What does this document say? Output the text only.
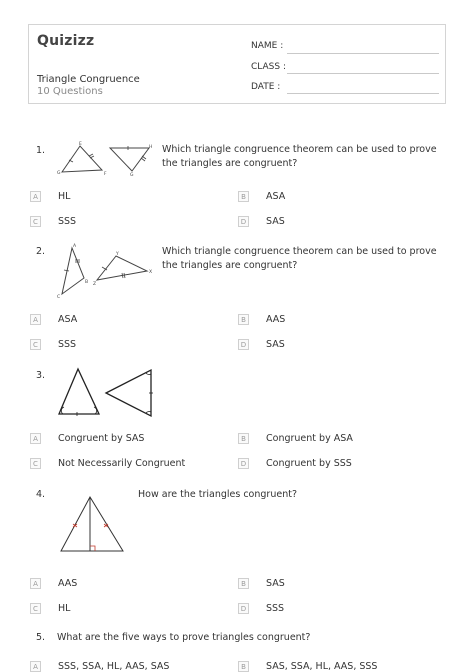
Quizizz
Triangle Congruence
10 Questions
NAME :
CLASS :
DATE :
1.
E
G	F
H
G
Which triangle congruence theorem can be used to prove the triangles are congruent?
A	HL	B	ASA
C	SSS	D SAS
2.	A
B
C
Y
Z
X
Which triangle congruence theorem can be used to prove the triangles are congruent?
A	ASA	B	AAS
C	SSS	D SAS
3.
A	Congruent by SAS	B	Congruent by ASA
C	Not Necessarily Congruent	D Congruent by SSS
4.	How are the triangles congruent?
A	AAS	B	SAS
C	HL	D SSS
5. What are the five ways to prove triangles congruent?
A	SSS, SSA, HL, AAS, SAS	B	SAS, SSA, HL, AAS, SSS
